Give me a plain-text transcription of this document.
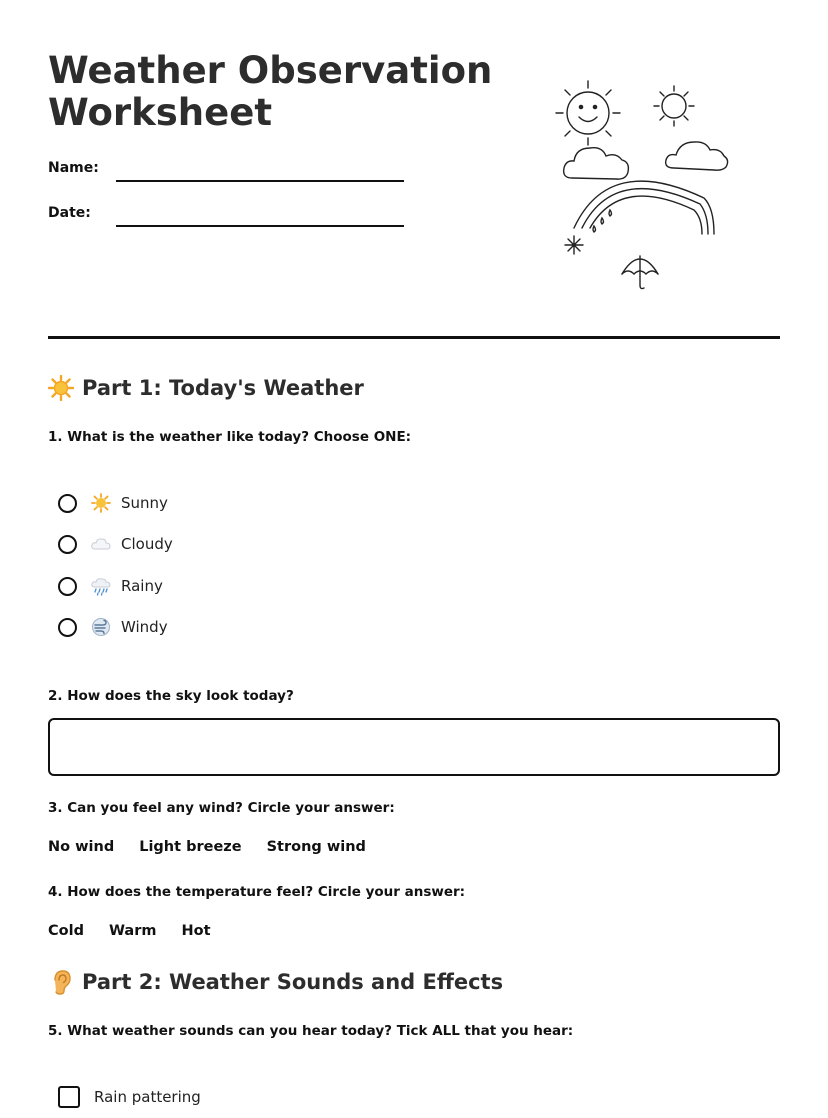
Weather Observation Worksheet
Name:
Date:
Part 1: Today's Weather

1. What is the weather like today? Choose ONE:

Sunny
Cloudy
Rainy
Windy

2. How does the sky look today?

3. Can you feel any wind? Circle your answer:

No wind Light breeze Strong wind

4. How does the temperature feel? Circle your answer:

Cold Warm Hot
Part 2: Weather Sounds and Effects

5. What weather sounds can you hear today? Tick ALL that you hear:

Rain pattering
